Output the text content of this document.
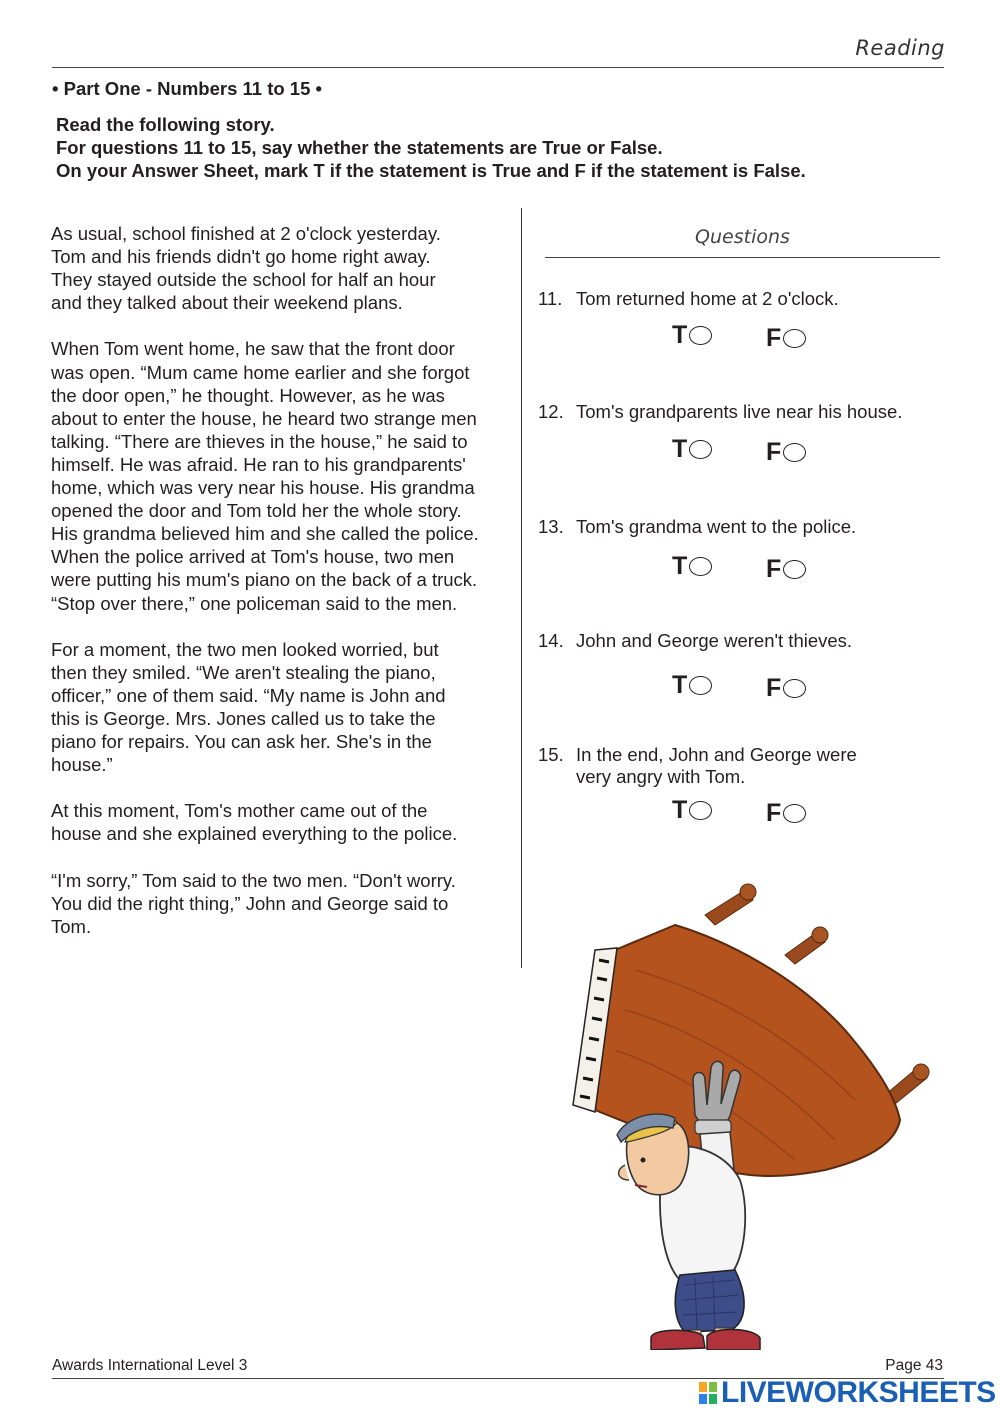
Reading
• Part One - Numbers 11 to 15 •
Read the following story.
For questions 11 to 15, say whether the statements are True or False.
On your Answer Sheet, mark T if the statement is True and F if the statement is False.

As usual, school finished at 2 o'clock yesterday.
Tom and his friends didn't go home right away.
They stayed outside the school for half an hour
and they talked about their weekend plans.

When Tom went home, he saw that the front door
was open. “Mum came home earlier and she forgot
the door open,” he thought. However, as he was
about to enter the house, he heard two strange men
talking. “There are thieves in the house,” he said to
himself. He was afraid. He ran to his grandparents'
home, which was very near his house. His grandma
opened the door and Tom told her the whole story.
His grandma believed him and she called the police.
When the police arrived at Tom's house, two men
were putting his mum's piano on the back of a truck.
“Stop over there,” one policeman said to the men.

For a moment, the two men looked worried, but
then they smiled. “We aren't stealing the piano,
officer,” one of them said. “My name is John and
this is George. Mrs. Jones called us to take the
piano for repairs. You can ask her. She's in the
house.”

At this moment, Tom's mother came out of the
house and she explained everything to the police.

“I'm sorry,” Tom said to the two men. “Don't worry.
You did the right thing,” John and George said to
Tom.

Questions
11. Tom returned home at 2 o'clock.
T	F
12. Tom's grandparents live near his house.
T	F
13. Tom's grandma went to the police.
T	F
14. John and George weren't thieves.
T	F
15. In the end, John and George were very angry with Tom.
T	F
Awards International Level 3	Page 43
LIVEWORKSHEETS
